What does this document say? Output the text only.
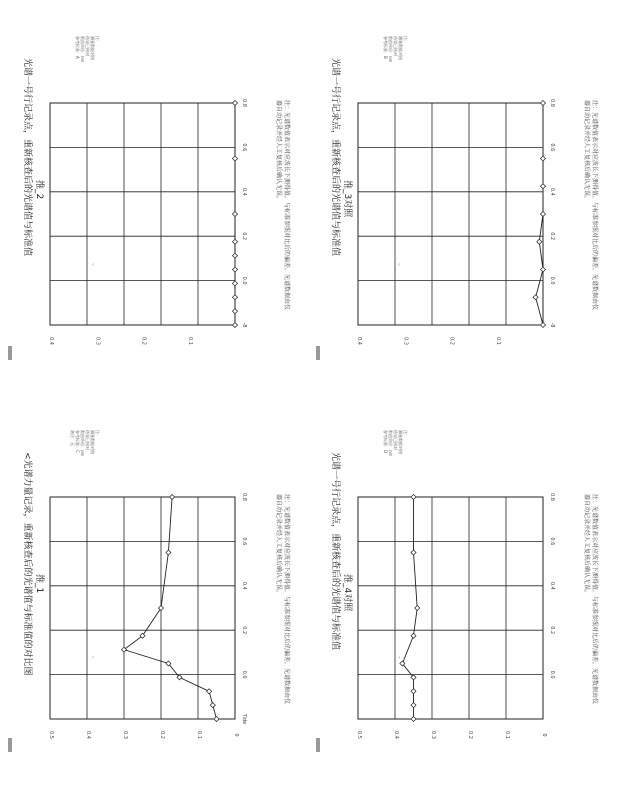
‹	‹
‹	‹
光谱一号行记录点，重新核查后的光谱值与标准值 推_2
注：
测量数据对照
结果已核对
数值单位：nm
参考标准：A
注：光谱数值表示对应波长下测得值，与标准参照对比后的偏差，光谱数据由仪器自动记录并经人工复核后确认无误。
0.1
0.2
0.3
0.4
-8
0.0
0.2
0.4
0.6
0.8	光谱一号行记录点，重新核查后的光谱值与标准值 推_3对照
注：
测量数据对照
结果已核对
数值单位：nm
参考标准：B
注：光谱数值表示对应波长下测得值，与标准参照对比后的偏差，光谱数据由仪器自动记录并经人工复核后确认无误。
0.1
0.2
0.3
0.4
-8
0.0
0.2
0.4
0.6
0.8
<光谱力量记录，重新核查后的光谱值与标准值的对比图 推_1
注：
测量数据对照
结果已核对
数值单位：nm
参考标准：C
备注：无
注：光谱数值表示对应波长下测得值，与标准参照对比后的偏差，光谱数据由仪器自动记录并经人工复核后确认无误。
0
0.1
0.2
0.3
0.4
0.5
Tide
0.0
0.2
0.4
0.6
0.8	光谱一号行记录点，重新核查后的光谱值与标准值 推_4对照
注：
测量数据对照
结果已核对
数值单位：nm
参考标准：D
注：光谱数值表示对应波长下测得值，与标准参照对比后的偏差，光谱数据由仪器自动记录并经人工复核后确认无误。
0
0.1
0.2
0.3
0.4
0.5
0.0
0.2
0.4
0.6
0.8
